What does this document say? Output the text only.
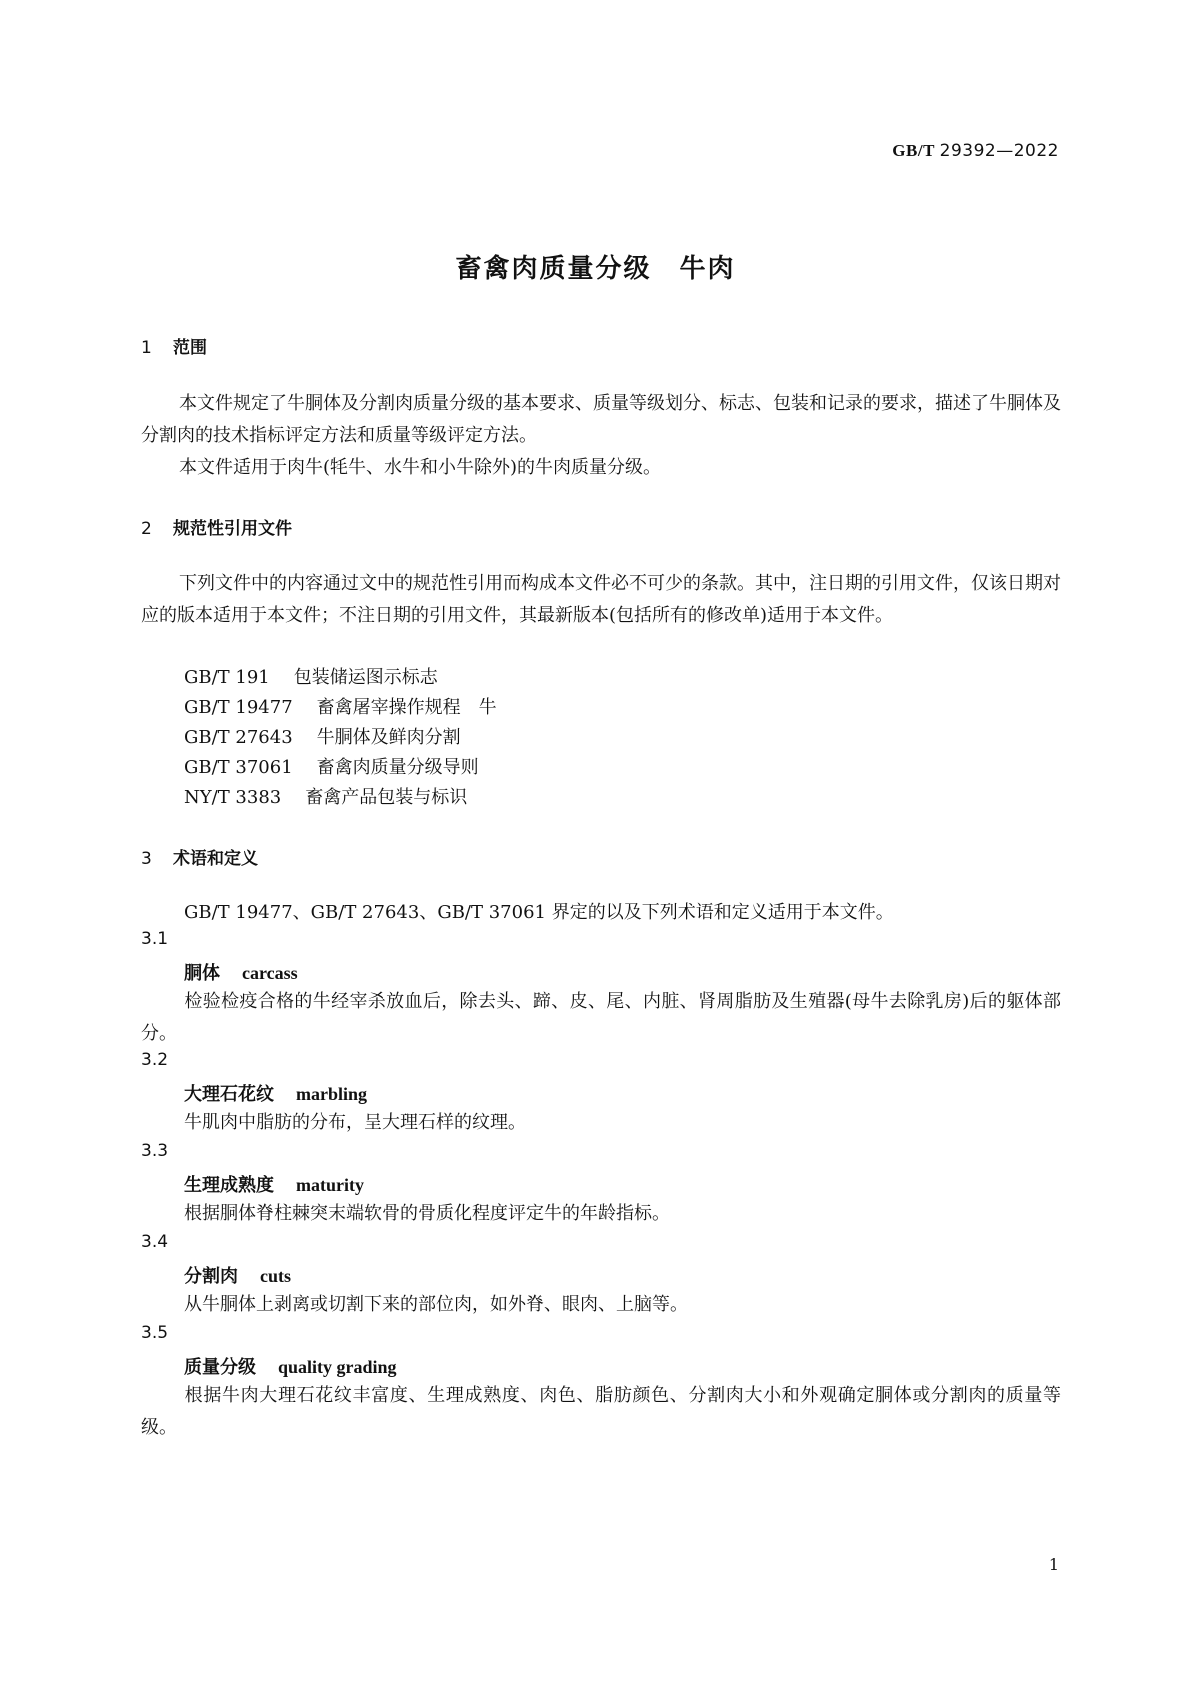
GB/T 29392—2022
畜禽肉质量分级　牛肉
1 范围
本文件规定了牛胴体及分割肉质量分级的基本要求、质量等级划分、标志、包装和记录的要求，描述了牛胴体及分割肉的技术指标评定方法和质量等级评定方法。
本文件适用于肉牛(牦牛、水牛和小牛除外)的牛肉质量分级。
2 规范性引用文件
下列文件中的内容通过文中的规范性引用而构成本文件必不可少的条款。其中，注日期的引用文件，仅该日期对应的版本适用于本文件；不注日期的引用文件，其最新版本(包括所有的修改单)适用于本文件。
GB/T 191 包装储运图示标志
GB/T 19477 畜禽屠宰操作规程　牛
GB/T 27643 牛胴体及鲜肉分割
GB/T 37061 畜禽肉质量分级导则
NY/T 3383 畜禽产品包装与标识
3 术语和定义
GB/T 19477、GB/T 27643、GB/T 37061 界定的以及下列术语和定义适用于本文件。
3.1
胴体 carcass
检验检疫合格的牛经宰杀放血后，除去头、蹄、皮、尾、内脏、肾周脂肪及生殖器(母牛去除乳房)后的躯体部分。
3.2
大理石花纹 marbling
牛肌肉中脂肪的分布，呈大理石样的纹理。
3.3
生理成熟度 maturity
根据胴体脊柱棘突末端软骨的骨质化程度评定牛的年龄指标。
3.4
分割肉 cuts
从牛胴体上剥离或切割下来的部位肉，如外脊、眼肉、上脑等。
3.5
质量分级 quality grading
根据牛肉大理石花纹丰富度、生理成熟度、肉色、脂肪颜色、分割肉大小和外观确定胴体或分割肉的质量等级。
1
